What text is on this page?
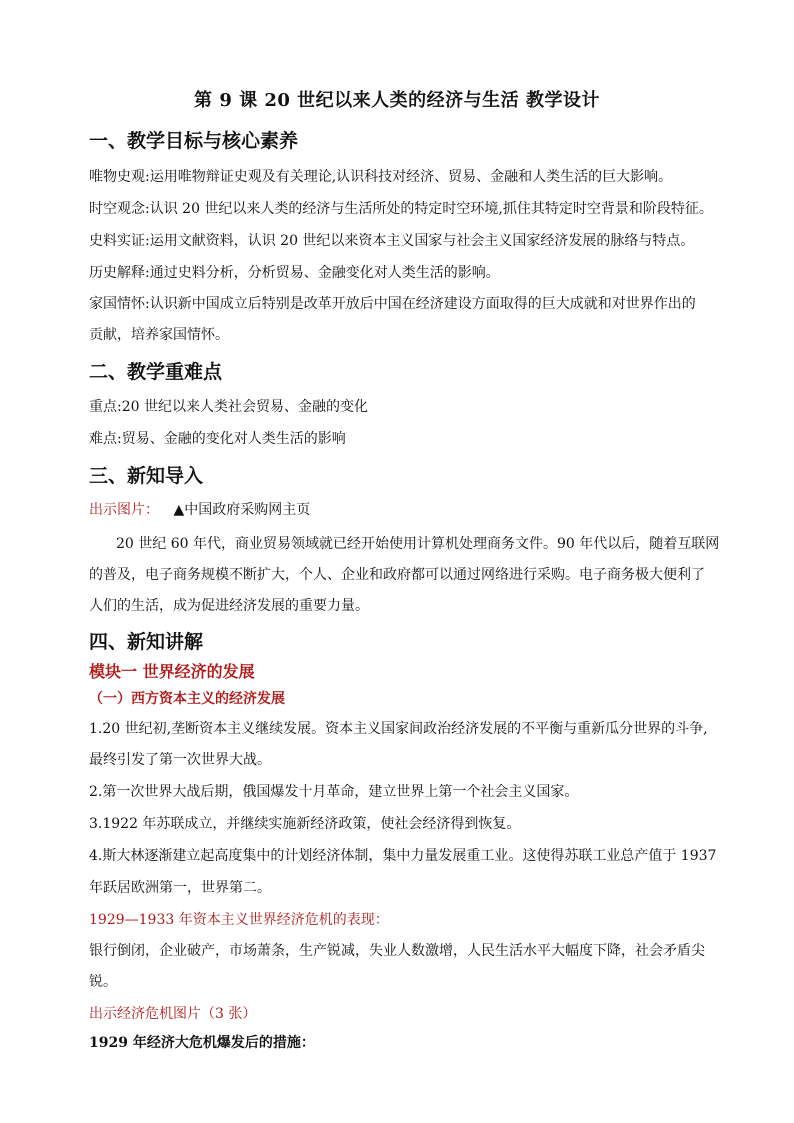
第 9 课 20 世纪以来人类的经济与生活 教学设计
一、教学目标与核心素养
唯物史观:运用唯物辩证史观及有关理论,认识科技对经济、贸易、金融和人类生活的巨大影响。
时空观念:认识 20 世纪以来人类的经济与生活所处的特定时空环境,抓住其特定时空背景和阶段特征。
史料实证:运用文献资料，认识 20 世纪以来资本主义国家与社会主义国家经济发展的脉络与特点。
历史解释:通过史料分析，分析贸易、金融变化对人类生活的影响。
家国情怀:认识新中国成立后特别是改革开放后中国在经济建设方面取得的巨大成就和对世界作出的
贡献，培养家国情怀。
二、教学重难点
重点:20 世纪以来人类社会贸易、金融的变化
难点:贸易、金融的变化对人类生活的影响
三、新知导入
出示图片： ▲中国政府采购网主页
20 世纪 60 年代，商业贸易领域就已经开始使用计算机处理商务文件。90 年代以后，随着互联网
的普及，电子商务规模不断扩大，个人、企业和政府都可以通过网络进行采购。电子商务极大便利了
人们的生活，成为促进经济发展的重要力量。
四、新知讲解
模块一 世界经济的发展
（一）西方资本主义的经济发展
1.20 世纪初,垄断资本主义继续发展。资本主义国家间政治经济发展的不平衡与重新瓜分世界的斗争,
最终引发了第一次世界大战。
2.第一次世界大战后期，俄国爆发十月革命，建立世界上第一个社会主义国家。
3.1922 年苏联成立，并继续实施新经济政策，使社会经济得到恢复。
4.斯大林逐渐建立起高度集中的计划经济体制，集中力量发展重工业。这使得苏联工业总产值于 1937
年跃居欧洲第一，世界第二。
1929—1933 年资本主义世界经济危机的表现：
银行倒闭，企业破产，市场萧条，生产锐减，失业人数激增，人民生活水平大幅度下降，社会矛盾尖
锐。
出示经济危机图片（3 张）
1929 年经济大危机爆发后的措施：
